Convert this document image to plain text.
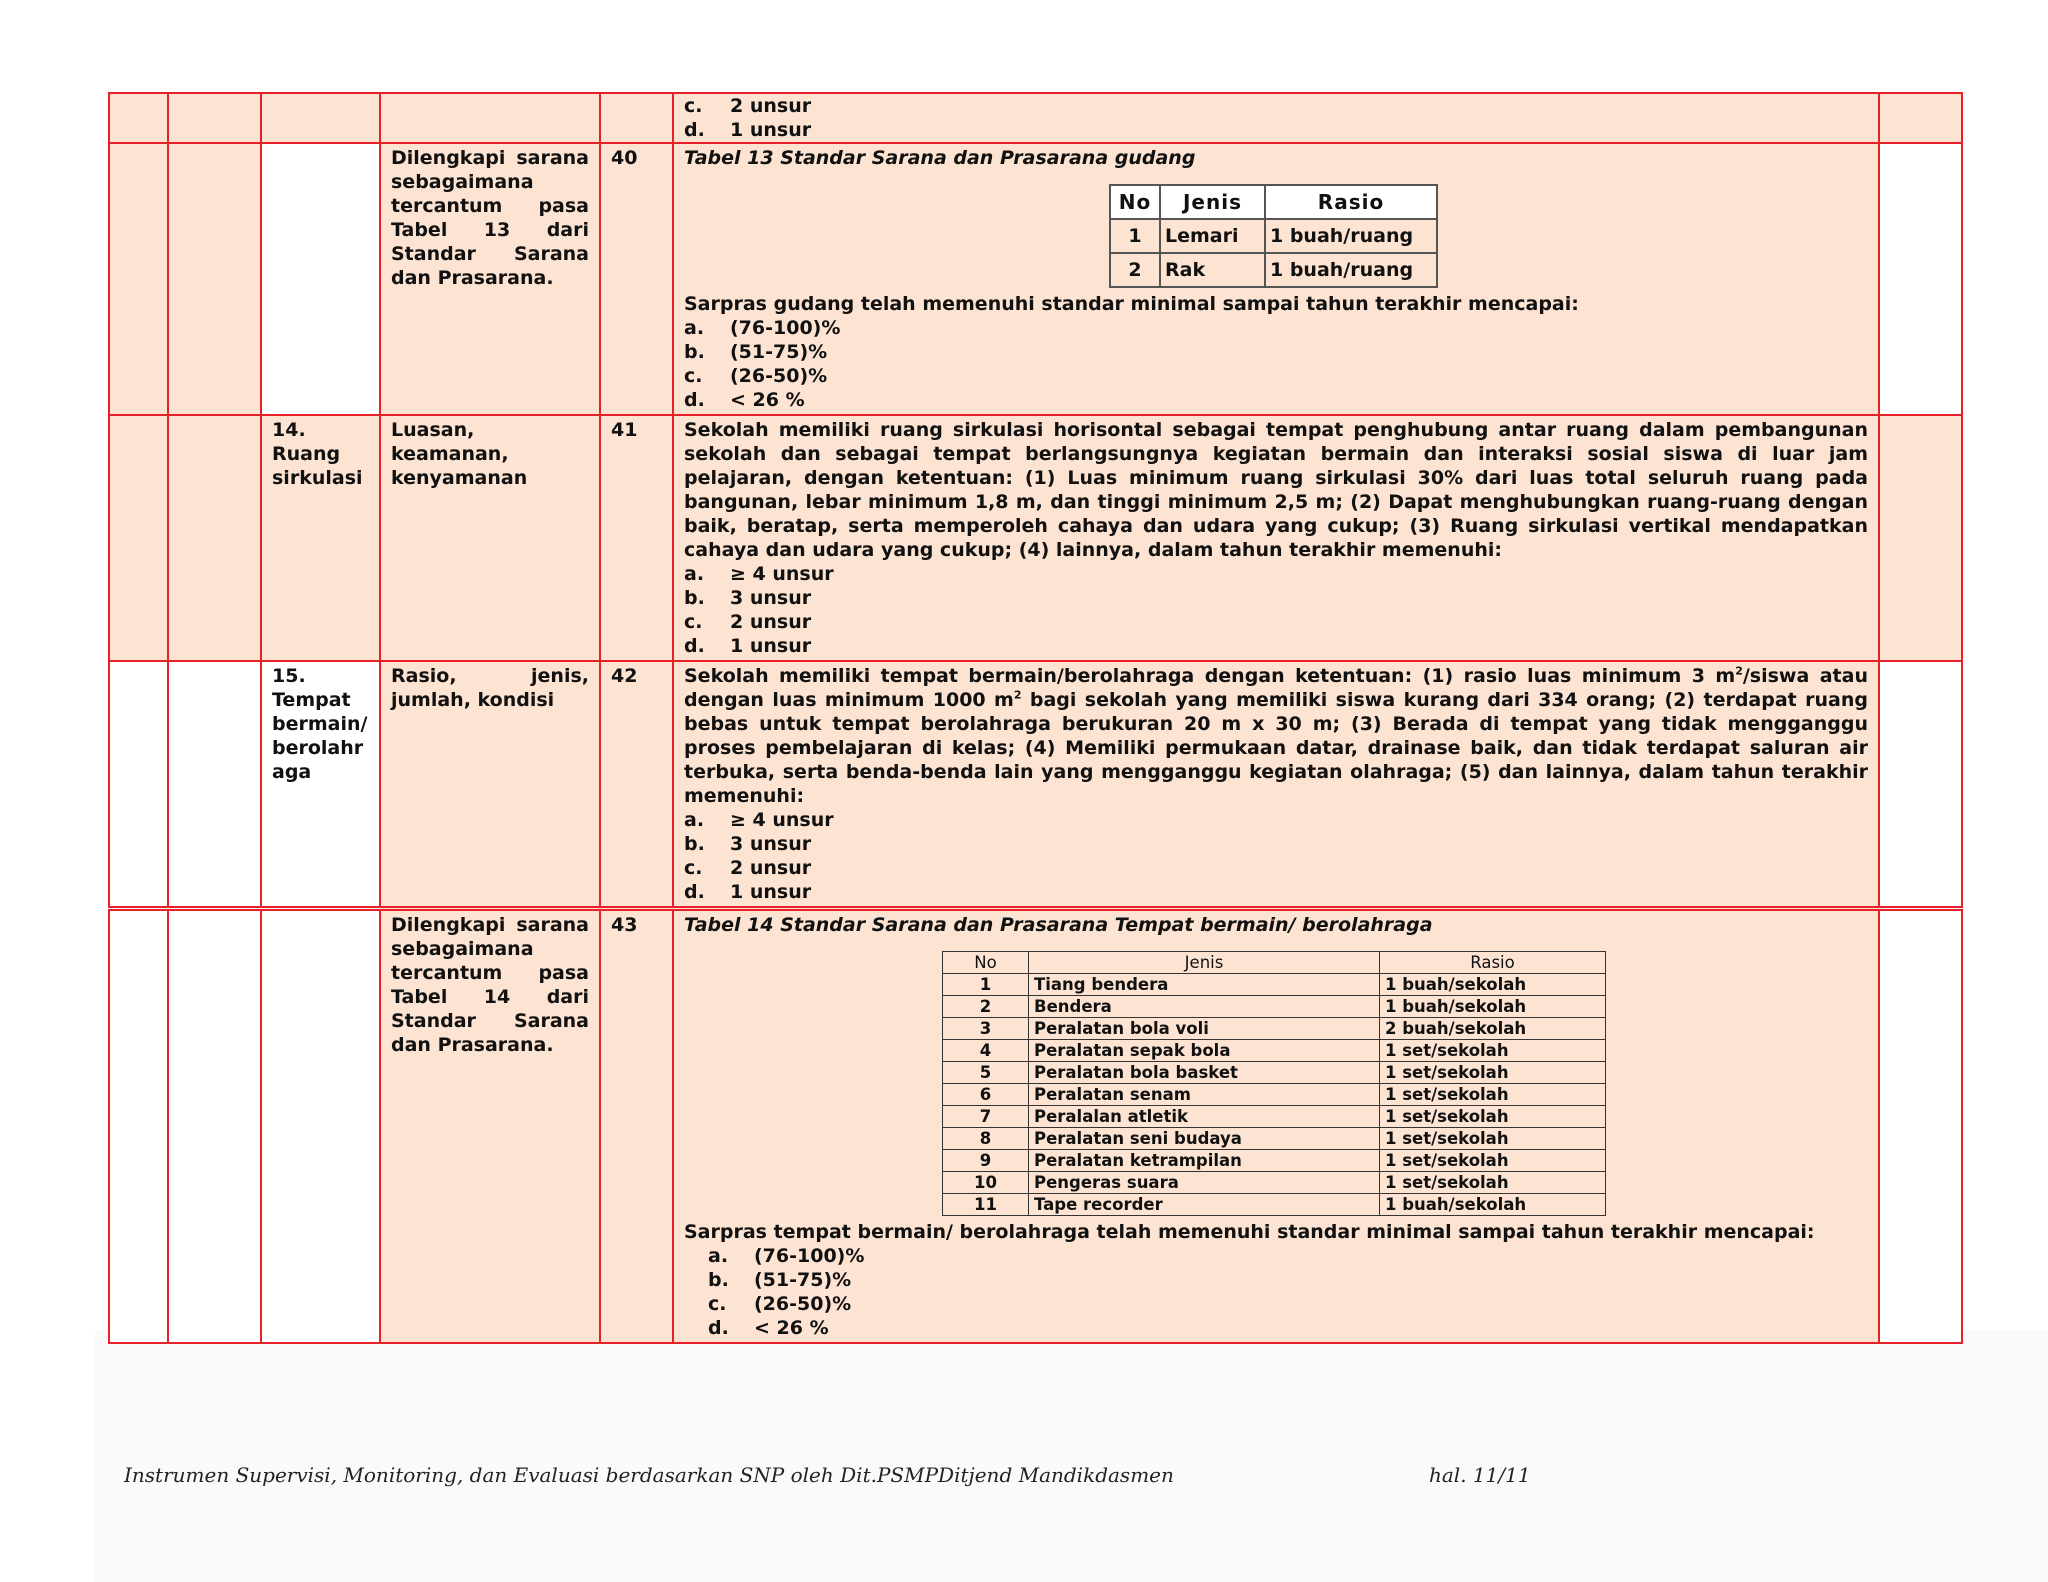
c.	2 unsur
d.	1 unsur

			Dilengkapi sarana sebagaimana tercantum pasa Tabel 13 dari Standar Sarana dan Prasarana.	40	Tabel 13 Standar Sarana dan Prasarana gudang
No	Jenis	Rasio
1	Lemari	1 buah/ruang
2	Rak	1 buah/ruang
Sarpras gudang telah memenuhi standar minimal sampai tahun terakhir mencapai:
a.	(76-100)%
b.	(51-75)%
c.	(26-50)%
d.	< 26 %

		14. Ruang sirkulasi	Luasan, keamanan, kenyamanan	41	Sekolah memiliki ruang sirkulasi horisontal sebagai tempat penghubung antar ruang dalam pembangunan sekolah dan sebagai tempat berlangsungnya kegiatan bermain dan interaksi sosial siswa di luar jam pelajaran, dengan ketentuan: (1) Luas minimum ruang sirkulasi 30% dari luas total seluruh ruang pada bangunan, lebar minimum 1,8 m, dan tinggi minimum 2,5 m; (2) Dapat menghubungkan ruang-ruang dengan baik, beratap, serta memperoleh cahaya dan udara yang cukup; (3) Ruang sirkulasi vertikal mendapatkan cahaya dan udara yang cukup; (4) lainnya, dalam tahun terakhir memenuhi:
a.	≥ 4 unsur
b.	3 unsur
c.	2 unsur
d.	1 unsur

		15. Tempat bermain/ berolahr aga	Rasio, jenis, jumlah, kondisi	42	Sekolah memiliki tempat bermain/berolahraga dengan ketentuan: (1) rasio luas minimum 3 $m^2$/siswa atau dengan luas minimum 1000 $m^2$ bagi sekolah yang memiliki siswa kurang dari 334 orang; (2) terdapat ruang bebas untuk tempat berolahraga berukuran 20 m x 30 m; (3) Berada di tempat yang tidak mengganggu proses pembelajaran di kelas; (4) Memiliki permukaan datar, drainase baik, dan tidak terdapat saluran air terbuka, serta benda-benda lain yang mengganggu kegiatan olahraga; (5) dan lainnya, dalam tahun terakhir memenuhi:
a.	≥ 4 unsur
b.	3 unsur
c.	2 unsur
d.	1 unsur

			Dilengkapi sarana sebagaimana tercantum pasa Tabel 14 dari Standar Sarana dan Prasarana.	43	Tabel 14 Standar Sarana dan Prasarana Tempat bermain/ berolahraga
No	Jenis	Rasio
1	Tiang bendera	1 buah/sekolah
2	Bendera	1 buah/sekolah
3	Peralatan bola voli	2 buah/sekolah
4	Peralatan sepak bola	1 set/sekolah
5	Peralatan bola basket	1 set/sekolah
6	Peralatan senam	1 set/sekolah
7	Peralalan atletik	1 set/sekolah
8	Peralatan seni budaya	1 set/sekolah
9	Peralatan ketrampilan	1 set/sekolah
10	Pengeras suara	1 set/sekolah
11	Tape recorder	1 buah/sekolah
Sarpras tempat bermain/ berolahraga telah memenuhi standar minimal sampai tahun terakhir mencapai:
a.	(76-100)%
b.	(51-75)%
c.	(26-50)%
d.	< 26 %

Instrumen Supervisi, Monitoring, dan Evaluasi berdasarkan SNP oleh Dit.PSMPDitjend Mandikdasmen	hal. 11/11
